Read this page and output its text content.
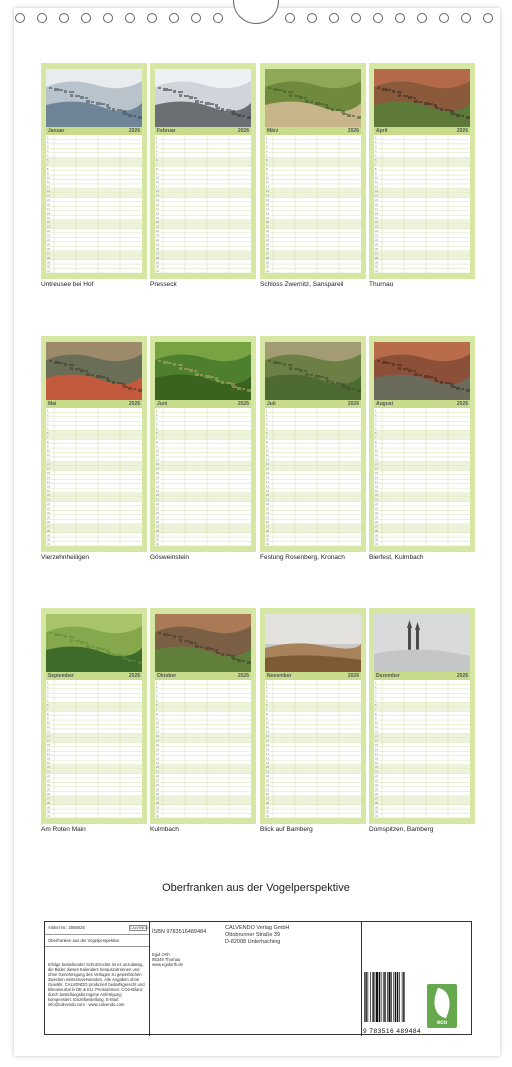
Januar	2026
1
2
3
4
5
6
7
8
9
10
11
12
13
14
15
16
17
18
19
20
21
22
23
24
25
26
27
28
29
30
31
Untreusee bei Hof
Februar	2026
1
2
3
4
5
6
7
8
9
10
11
12
13
14
15
16
17
18
19
20
21
22
23
24
25
26
27
28
29
30
31
Presseck
März	2026
1
2
3
4
5
6
7
8
9
10
11
12
13
14
15
16
17
18
19
20
21
22
23
24
25
26
27
28
29
30
31
Schloss Zwernitz, Sanspareil
April	2026
1
2
3
4
5
6
7
8
9
10
11
12
13
14
15
16
17
18
19
20
21
22
23
24
25
26
27
28
29
30
31
Thurnau
Mai	2026
1
2
3
4
5
6
7
8
9
10
11
12
13
14
15
16
17
18
19
20
21
22
23
24
25
26
27
28
29
30
31
Vierzehnheiligen
Juni	2026
1
2
3
4
5
6
7
8
9
10
11
12
13
14
15
16
17
18
19
20
21
22
23
24
25
26
27
28
29
30
31
Gösweinstein
Juli	2026
1
2
3
4
5
6
7
8
9
10
11
12
13
14
15
16
17
18
19
20
21
22
23
24
25
26
27
28
29
30
31
Festung Rosenberg, Kronach
August	2026
1
2
3
4
5
6
7
8
9
10
11
12
13
14
15
16
17
18
19
20
21
22
23
24
25
26
27
28
29
30
31
Bierfest, Kulmbach
September	2026
1
2
3
4
5
6
7
8
9
10
11
12
13
14
15
16
17
18
19
20
21
22
23
24
25
26
27
28
29
30
31
Am Roten Main
Oktober	2026
1
2
3
4
5
6
7
8
9
10
11
12
13
14
15
16
17
18
19
20
21
22
23
24
25
26
27
28
29
30
31
Kulmbach
November	2026
1
2
3
4
5
6
7
8
9
10
11
12
13
14
15
16
17
18
19
20
21
22
23
24
25
26
27
28
29
30
31
Blick auf Bamberg
Dezember	2026
1
2
3
4
5
6
7
8
9
10
11
12
13
14
15
16
17
18
19
20
21
22
23
24
25
26
27
28
29
30
31
Domspitzen, Bamberg
Oberfranken aus der Vogelperspektive
Artikel Nr.: 2066026	CALVENDO
Oberfranken aus der Vogelperspektive
Infolge bestehender Schutzrechte ist es unzulässig, die Bilder dieses Kalenders herauszutrennen und ohne Genehmigung des Verlages zu gewerblichen Zwecken weiterzuverwenden. Alle Angaben ohne Gewähr. CALVENDO produziert bedarfsgerecht und klimaneutral in DE & EU. Preisrahmen: CO2-Bilanz durch bestellungsbezogene Anfertigung kompensiert. Einzelbestellung. E-Mail: info@calvendo.com · www.calvendo.com
ISBN 9783516489484
Egid Orth
95349 Thurnau
www.egidorth.de
CALVENDO Verlag GmbH
Ottobrunner Straße 39
D-82008 Unterhaching
9 783516 489484
eco
